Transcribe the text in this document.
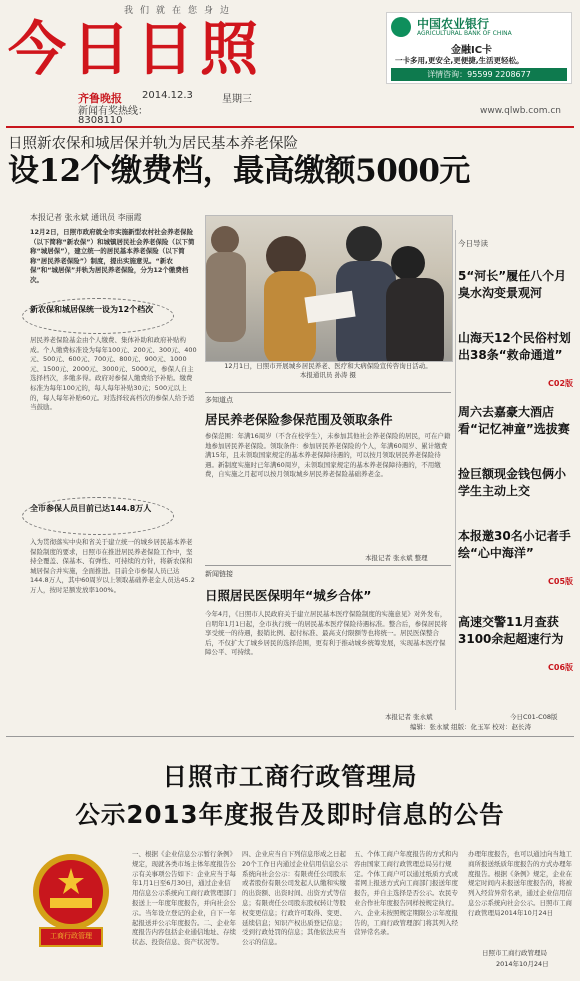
我们就在您身边
今日日照
齐鲁晚报 2014.12.3	星期三
新闻有奖热线：
8308110
www.qlwb.com.cn
中国农业银行
AGRICULTURAL BANK OF CHINA
金融IC卡
一卡多用,更安全,更便捷,生活更轻松。
详情咨询：95599 2208677
日照新农保和城居保并轨为居民基本养老保险
设12个缴费档，最高缴额5000元
本报记者 张永斌 通讯员 李丽霞
12月2日，日照市政府就全市实施新型农村社会养老保险（以下简称“新农保”）和城镇居民社会养老保险（以下简称“城居保”），建立统一的居民基本养老保险（以下简称“居民养老保险”）制度，提出实施意见。“新农保”和“城居保”并轨为居民养老保险，分为12个缴费档次。
新农保和城居保统一设为12个档次
居民养老保险基金由个人缴费、集体补助和政府补贴构成。个人缴费标准设为每年100元、200元、300元、400元、500元、600元、700元、800元、900元、1000元、1500元、2000元、3000元、5000元，参保人自主选择档次，多缴多得。政府对参保人缴费给予补贴。缴费标准为每年100元的，每人每年补贴30元；500元以上的，每人每年补贴60元。对选择较高档次的参保人给予适当鼓励。
全市参保人员目前已达144.8万人
入为贯彻落实中央和省关于建立统一的城乡居民基本养老保险制度的要求，日照市在推进居民养老保险工作中，坚持全覆盖、保基本、有弹性、可持续的方针，将新农保和城居保合并实施，全面推进。目前全市参保人员已达144.8万人，其中60周岁以上领取基础养老金人员达45.2万人，按时足额发放率100%。
12月1日，日照市开展城乡居民养老、医疗和大病保险宣传咨询日活动。
本报通讯员 孙涛 摄
多知道点
居民养老保险参保范围及领取条件
参保范围：年满16周岁（不含在校学生），未参加其他社会养老保险的居民，可在户籍地参加居民养老保险。领取条件：参加居民养老保险的个人，年满60周岁、累计缴费满15年，且未领取国家规定的基本养老保障待遇的，可以按月领取居民养老保险待遇。新制度实施时已年满60周岁，未领取国家规定的基本养老保障待遇的，不用缴费，自实施之月起可以按月领取城乡居民养老保险基础养老金。
本报记者 张永斌 整理
新闻链接
日照居民医保明年“城乡合体”
今年4月，《日照市人民政府关于建立居民基本医疗保险制度的实施意见》对外发布，自明年1月1日起，全市执行统一的居民基本医疗保险待遇标准。整合后，参保居民将享受统一的待遇，报销比例、起付标准、最高支付限额等也将统一。居民医保整合后，不仅扩大了城乡居民的选择范围，更有利于推动城乡统筹发展，实现基本医疗保障公平、可持续。
本报记者 张永斌
今日导读
5“河长”履任八个月臭水沟变景观河
山海天12个民俗村划出38条“救命通道”
C02版
周六去嘉豪大酒店看“记忆神童”选拔赛
捡巨额现金钱包俩小学生主动上交
本报邀30名小记者手绘“心中海洋”
C05版
高速交警11月查获3100余起超速行为
C06版
今日C01-C08版
编辑：张永斌 组版：化玉军 校对：赵长涛
日照市工商行政管理局
公示2013年度报告及即时信息的公告
工商行政管理
一、根据《企业信息公示暂行条例》规定，现就各类市场主体年度报告公示有关事项公告如下：企业应当于每年1月1日至6月30日，通过企业信用信息公示系统向工商行政管理部门报送上一年度年度报告，并向社会公示。当年设立登记的企业，自下一年起报送并公示年度报告。二、企业年度报告内容包括企业通信地址、存续状态、投资信息、资产状况等。
四、企业应当自下列信息形成之日起20个工作日内通过企业信用信息公示系统向社会公示：有限责任公司股东或者股份有限公司发起人认缴和实缴的出资额、出资时间、出资方式等信息；有限责任公司股东股权转让等股权变更信息；行政许可取得、变更、延续信息；知识产权出质登记信息；受到行政处罚的信息；其他依法应当公示的信息。
五、个体工商户年度报告的方式和内容由国家工商行政管理总局另行规定。个体工商户可以通过纸质方式或者网上报送方式向工商部门报送年度报告，并自主选择是否公示。农民专业合作社年度报告同样按规定执行。六、企业未按照规定期限公示年度报告的，工商行政管理部门将其列入经营异常名录。
办理年度报告，也可以通过向当地工商所报送纸质年度报告的方式办理年度报告。根据《条例》规定，企业在规定时间内未报送年度报告的，将被列入经营异常名录，通过企业信用信息公示系统向社会公示。日照市工商行政管理局2014年10月24日
日照市工商行政管理局
2014年10月24日
